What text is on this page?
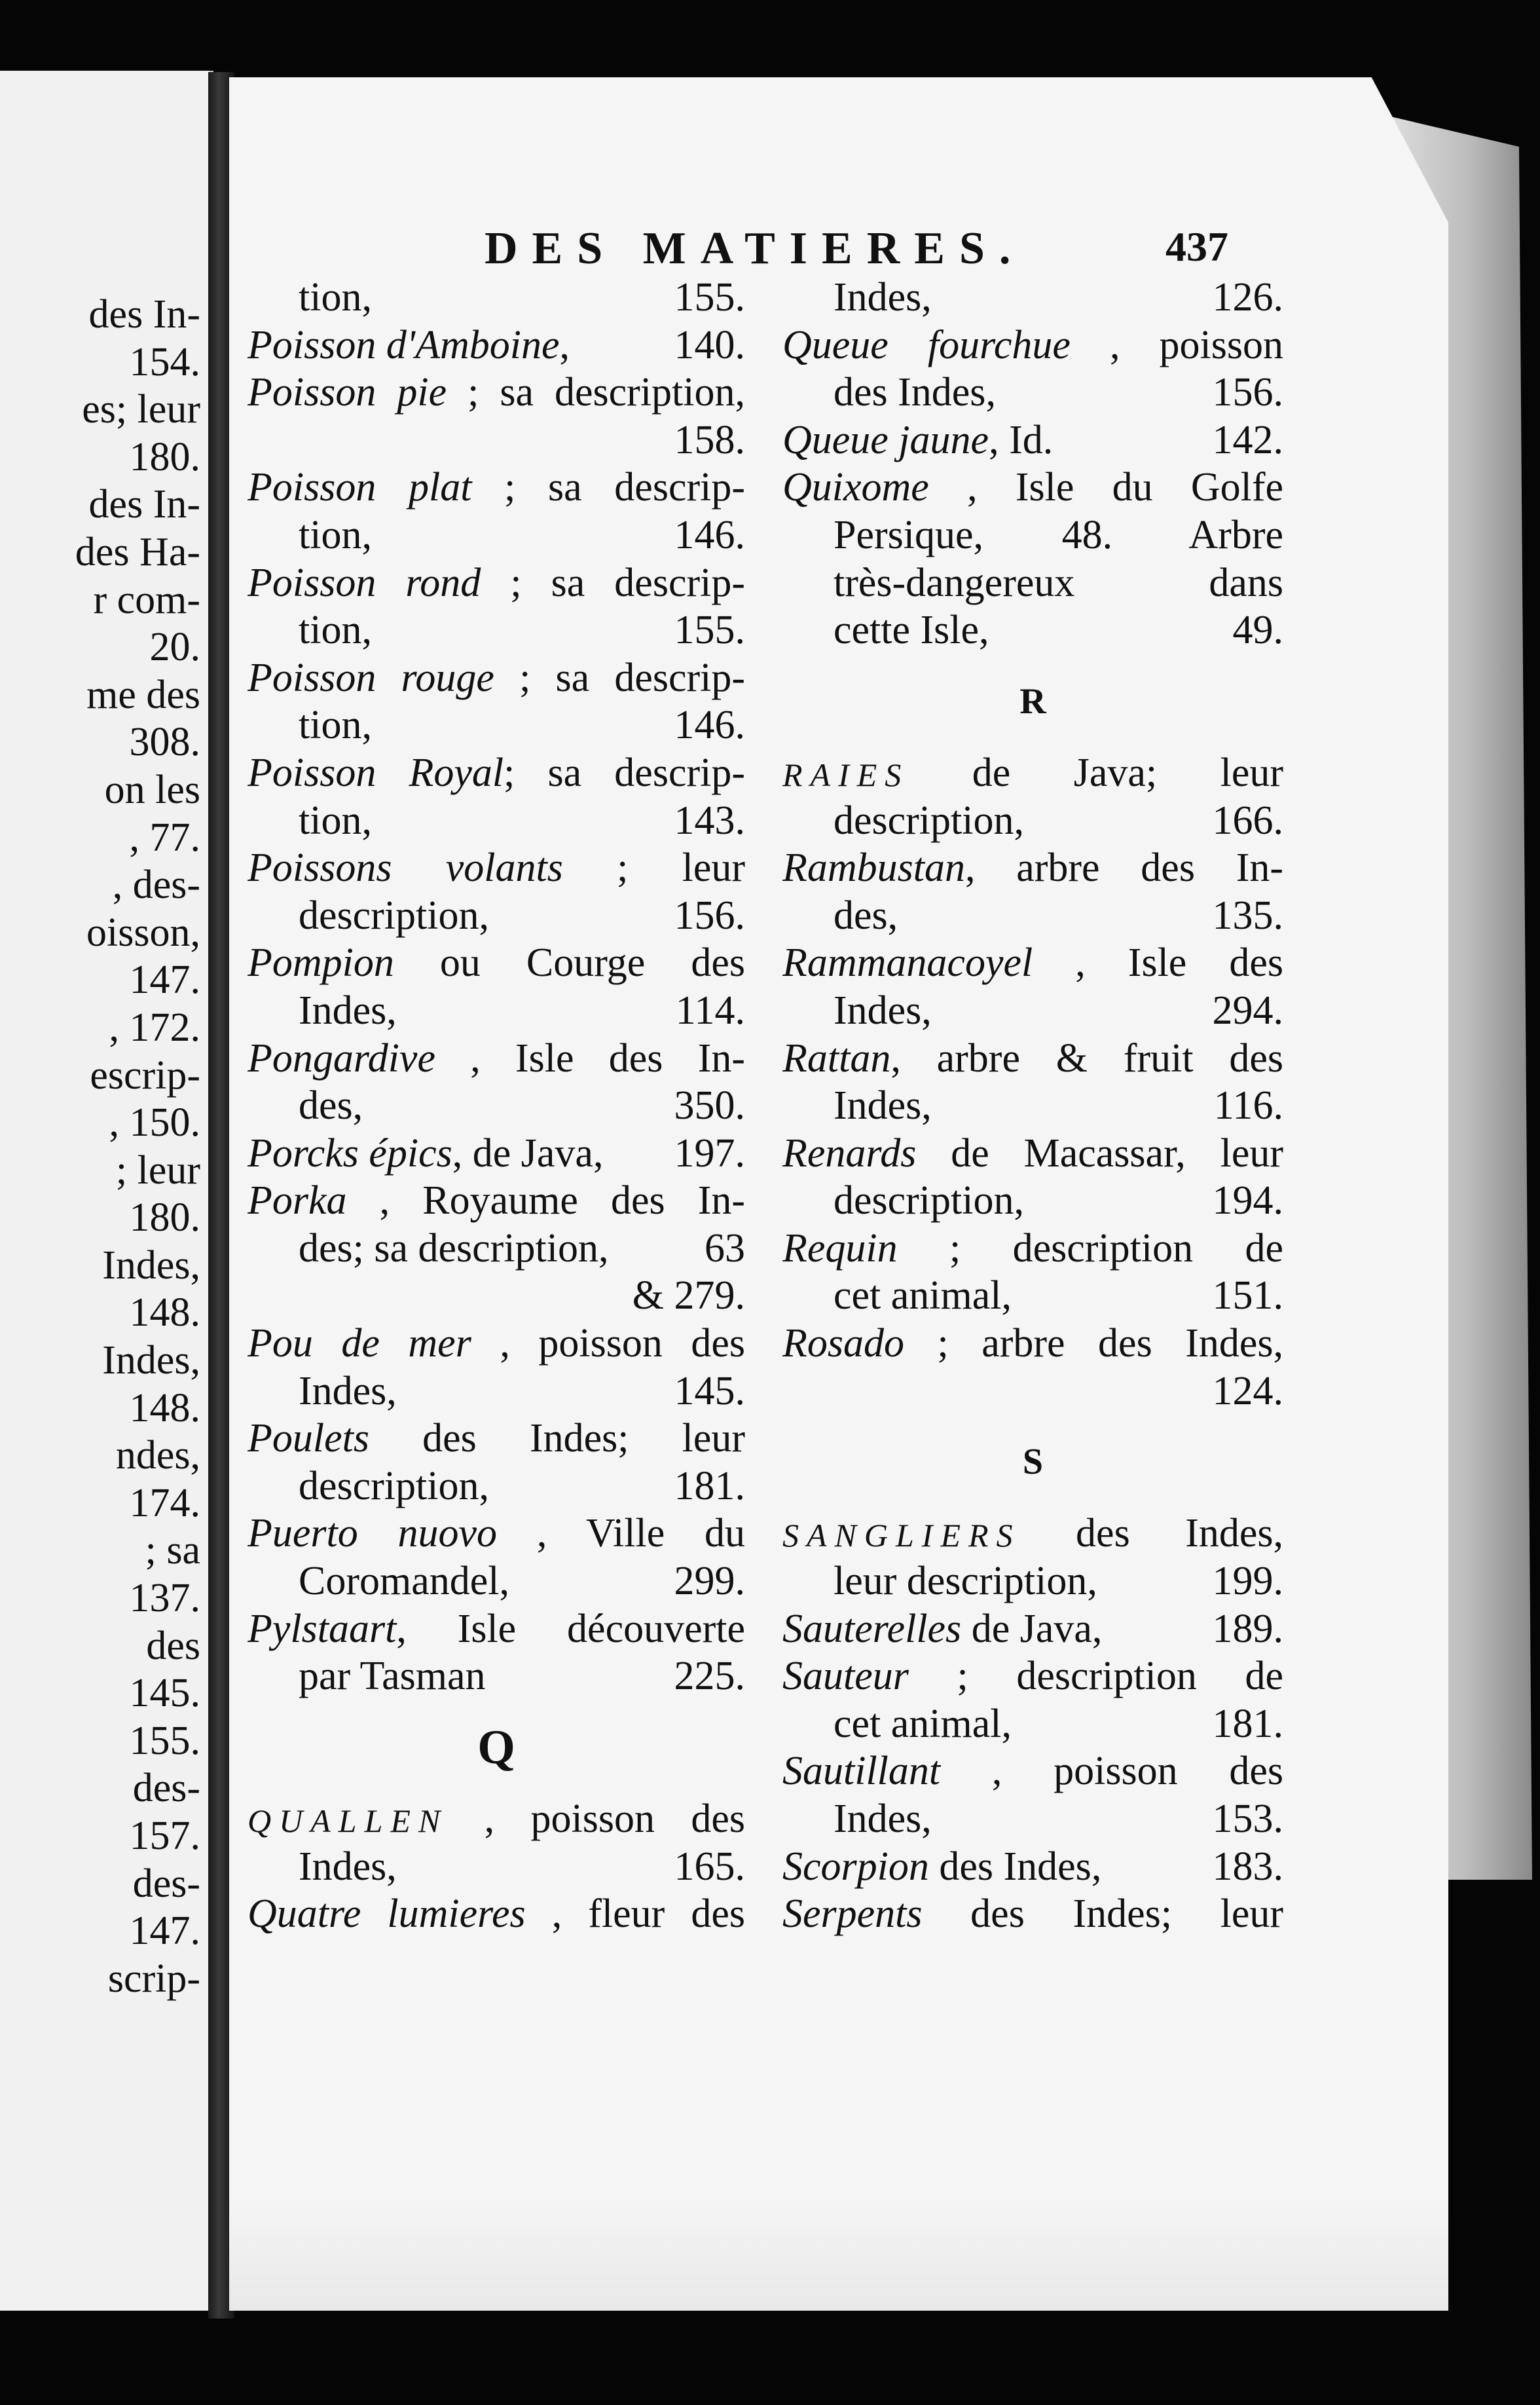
des In-
154.
es; leur
180.
des In-
des Ha-
r com-
20.
me des
308.
on les
, 77.
, des-
oisson,
147.
, 172.
escrip-
, 150.
; leur
180.
Indes,
148.
Indes,
148.
ndes,
174.
; sa
137.
des
145.
155.
des-
157.
des-
147.
scrip-
DES MATIERES.	437
tion,	155.
Poisson d'Amboine,	140.
Poisson pie ; sa description,
158.
Poisson plat ; sa descrip-
tion,	146.
Poisson rond ; sa descrip-
tion,	155.
Poisson rouge ; sa descrip-
tion,	146.
Poisson Royal; sa descrip-
tion,	143.
Poissons volants ; leur
description,	156.
Pompion ou Courge des
Indes,	114.
Pongardive , Isle des In-
des,	350.
Porcks épics, de Java, 197.
Porka , Royaume des In-
des; sa description, 63
& 279.
Pou de mer , poisson des
Indes,	145.
Poulets des Indes; leur
description,	181.
Puerto nuovo , Ville du
Coromandel,	299.
Pylstaart, Isle découverte
par Tasman	225.
Q
QUALLEN , poisson des
Indes,	165.
Quatre lumieres , fleur des
Indes,	126.
Queue fourchue , poisson
des Indes,	156.
Queue jaune, Id.	142.
Quixome , Isle du Golfe
Persique, 48. Arbre
très-dangereux dans
cette Isle,	49.
R
RAIES de Java; leur
description,	166.
Rambustan, arbre des In-
des,	135.
Rammanacoyel , Isle des
Indes,	294.
Rattan, arbre & fruit des
Indes,	116.
Renards de Macassar, leur
description,	194.
Requin ; description de
cet animal,	151.
Rosado ; arbre des Indes,
124.
S
SANGLIERS des Indes,
leur description,	199.
Sauterelles de Java,	189.
Sauteur ; description de
cet animal,	181.
Sautillant , poisson des
Indes,	153.
Scorpion des Indes,	183.
Serpents des Indes; leur
